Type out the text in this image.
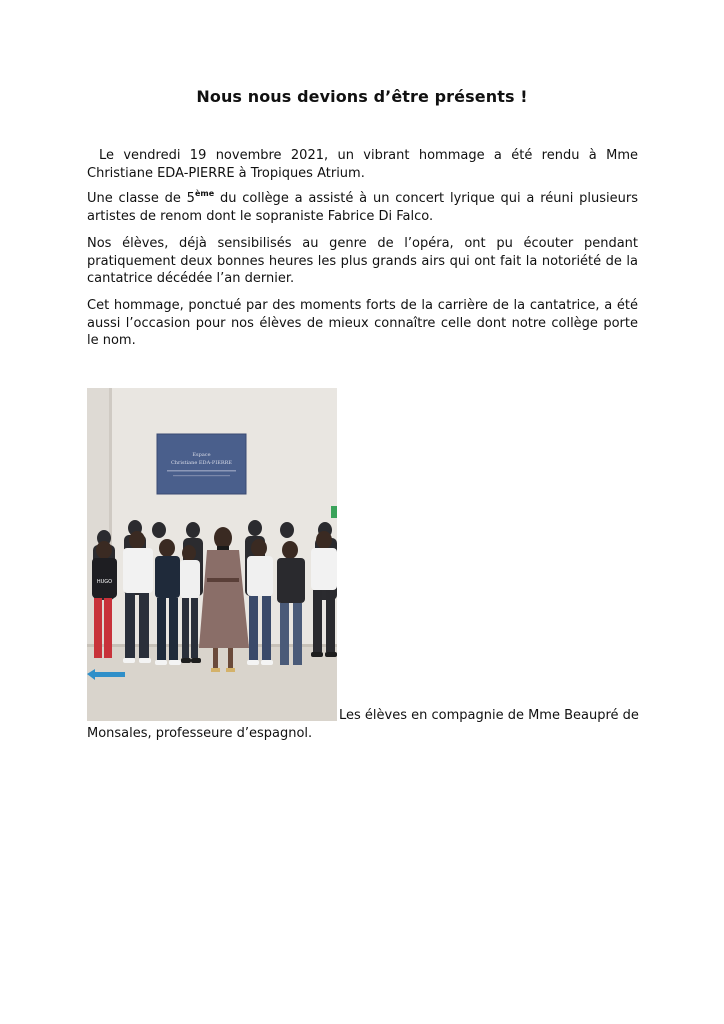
Nous nous devions d’être présents !

Le vendredi 19 novembre 2021, un vibrant hommage a été rendu à Mme Christiane EDA-PIERRE à Tropiques Atrium.

Une classe de 5ème du collège a assisté à un concert lyrique qui a réuni plusieurs artistes de renom dont le sopraniste Fabrice Di Falco.

Nos élèves, déjà sensibilisés au genre de l’opéra, ont pu écouter pendant pratiquement deux bonnes heures les plus grands airs qui ont fait la notoriété de la cantatrice décédée l’an dernier.

Cet hommage, ponctué par des moments forts de la carrière de la cantatrice, a été aussi l’occasion pour nos élèves de mieux connaître celle dont notre collège porte le nom.

Espace
Christiane EDA-PIERRE
HUGO
Les élèves en compagnie de Mme Beaupré de
Monsales, professeure d’espagnol.
